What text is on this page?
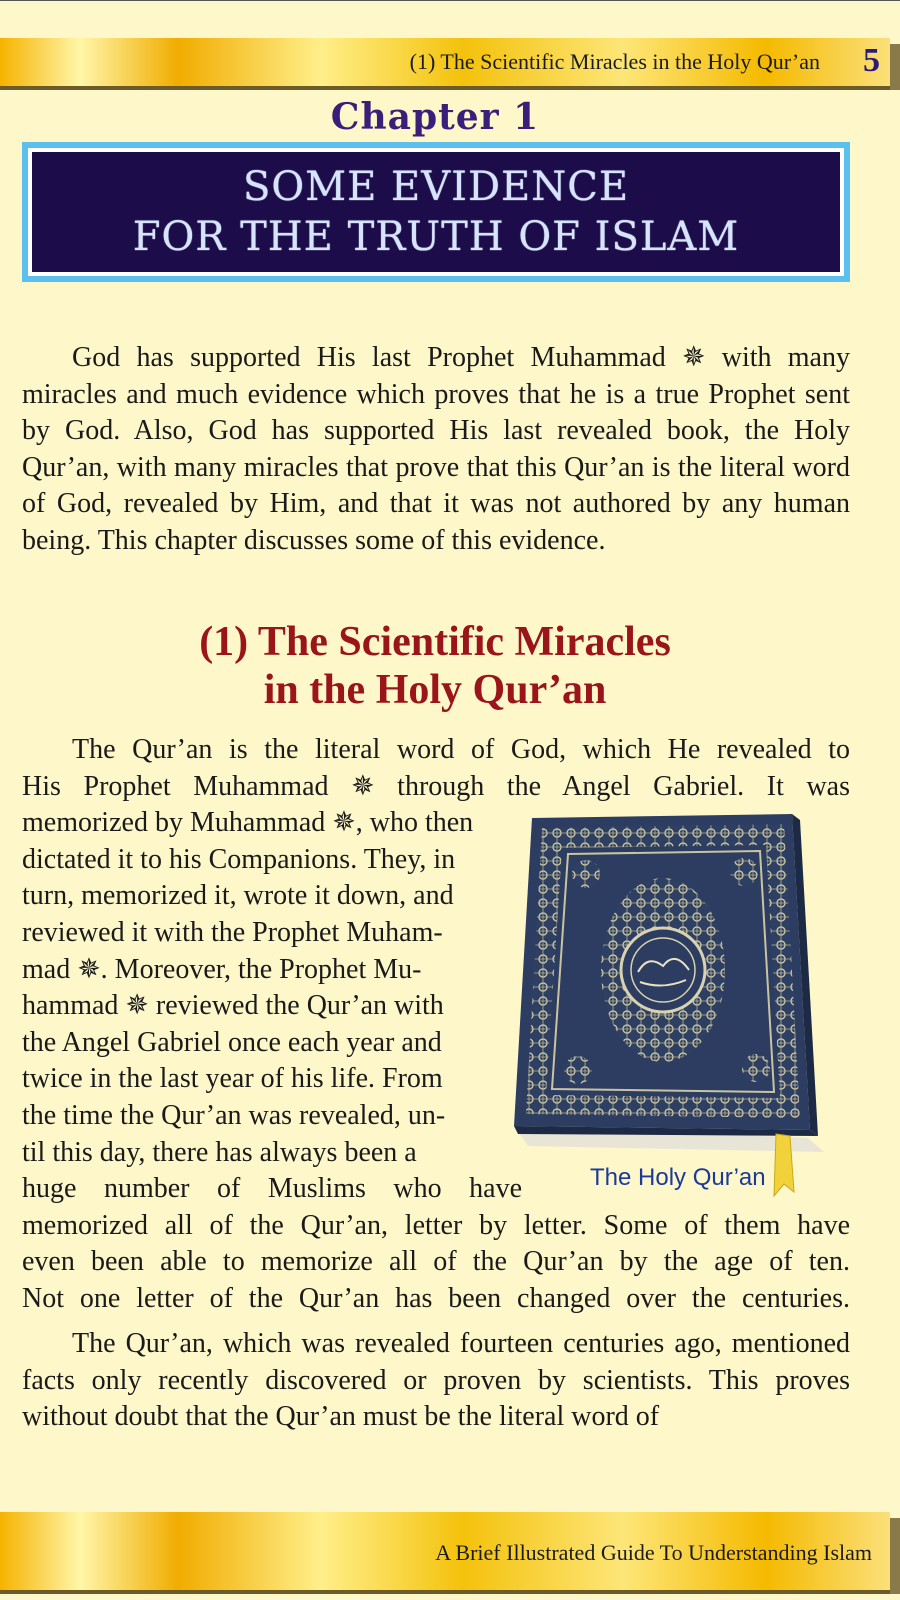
(1) The Scientific Miracles in the Holy Qur’an 5
Chapter 1
SOME EVIDENCE
FOR THE TRUTH OF ISLAM

God has supported His last Prophet Muhammad ✵ with many miracles and much evidence which proves that he is a true Prophet sent by God. Also, God has supported His last revealed book, the Holy Qur’an, with many miracles that prove that this Qur’an is the literal word of God, revealed by Him, and that it was not authored by any human being. This chapter discusses some of this evidence.

(1) The Scientific Miracles
in the Holy Qur’an
The Qur’an is the literal word of God, which He revealed to
His Prophet Muhammad ✵ through the Angel Gabriel. It was
memorized by Muhammad ✵, who then
dictated it to his Companions. They, in
turn, memorized it, wrote it down, and
reviewed it with the Prophet Muham-
mad ✵. Moreover, the Prophet Mu-
hammad ✵ reviewed the Qur’an with
the Angel Gabriel once each year and
twice in the last year of his life. From
the time the Qur’an was revealed, un-
til this day, there has always been a
huge number of Muslims who have
memorized all of the Qur’an, letter by letter. Some of them have
even been able to memorize all of the Qur’an by the age of ten.
Not one letter of the Qur’an has been changed over the centuries.
The Holy Qur’an

The Qur’an, which was revealed fourteen centuries ago, mentioned facts only recently discovered or proven by scientists. This proves without doubt that the Qur’an must be the literal word of

A Brief Illustrated Guide To Understanding Islam
